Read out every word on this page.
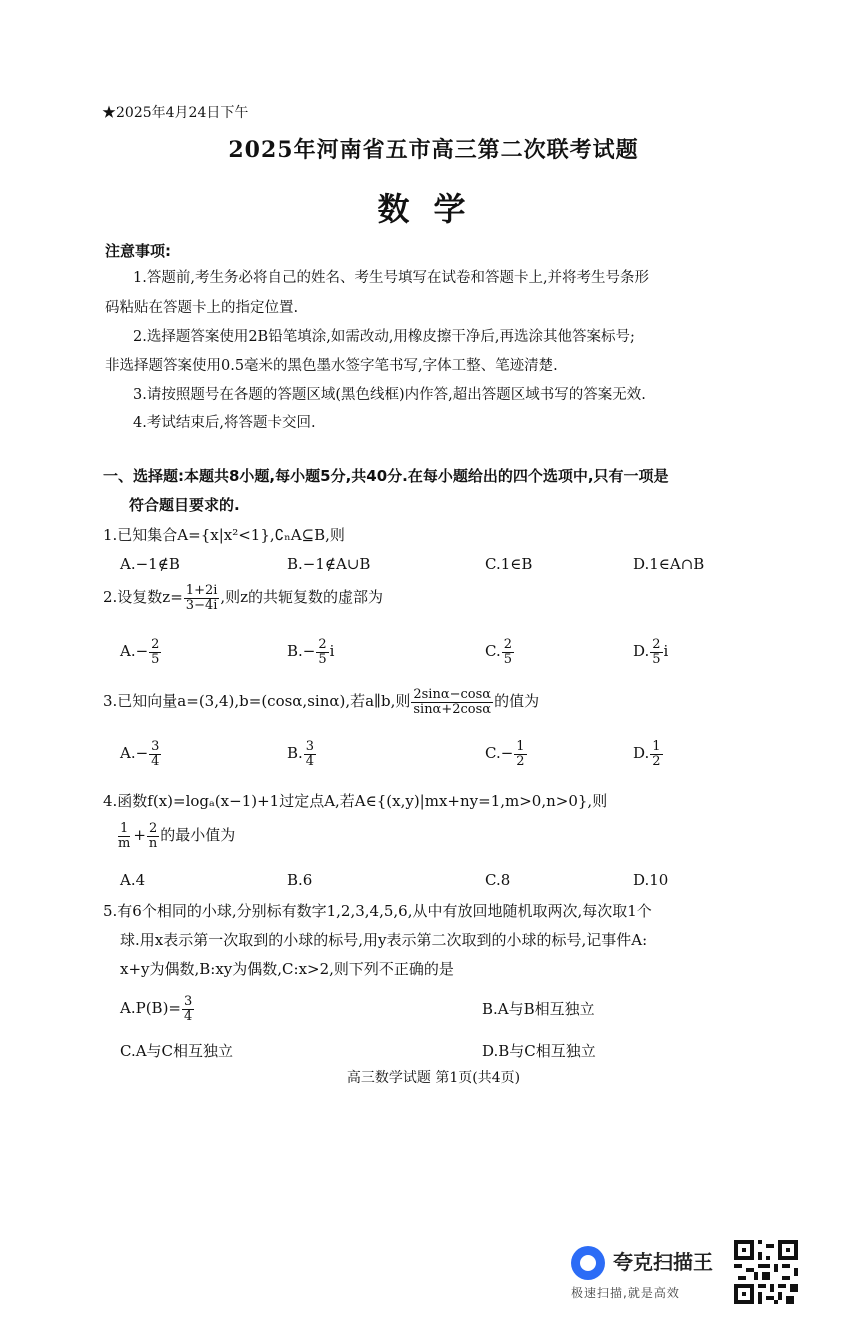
★2025年4月24日下午
2025年河南省五市高三第二次联考试题
数学
注意事项:
1.答题前,考生务必将自己的姓名、考生号填写在试卷和答题卡上,并将考生号条形
码粘贴在答题卡上的指定位置.
2.选择题答案使用2B铅笔填涂,如需改动,用橡皮擦干净后,再选涂其他答案标号;
非选择题答案使用0.5毫米的黑色墨水签字笔书写,字体工整、笔迹清楚.
3.请按照题号在各题的答题区域(黑色线框)内作答,超出答题区域书写的答案无效.
4.考试结束后,将答题卡交回.
一、选择题:本题共8小题,每小题5分,共40分.在每小题给出的四个选项中,只有一项是
符合题目要求的.
1.已知集合A={x|x²<1},∁ₙA⊆B,则
A.−1∉B	B.−1∉A∪B	C.1∈B	D.1∈A∩B
2.设复数$z= \frac{1+2i}{3-4i}$ ,则z的共轭复数的虚部为
$A.- \frac{2}{5}$	$B.- \frac{2}{5}$ i	C. $\frac{2}{5}$	D. $\frac{2}{5}$ i
3.已知向量a=(3,4),b=(cosα,sinα),若a∥b,则 $\frac{2\sin\alpha-\cos\alpha}{\sin\alpha+2\cos\alpha}$ 的值为
$A.- \frac{3}{4}$	B. $\frac{3}{4}$	$C.- \frac{1}{2}$	D. $\frac{1}{2}$
4.函数f(x)=logₐ(x−1)+1过定点A,若A∈{(x,y)|mx+ny=1,m>0,n>0},则
$\frac{1}{m} + \frac{2}{n}$ 的最小值为
A.4	B.6	C.8	D.10
5.有6个相同的小球,分别标有数字1,2,3,4,5,6,从中有放回地随机取两次,每次取1个
球.用x表示第一次取到的小球的标号,用y表示第二次取到的小球的标号,记事件A:
x+y为偶数,B:xy为偶数,C:x>2,则下列不正确的是
$A.P(B)= \frac{3}{4}$	B.A与B相互独立
C.A与C相互独立	D.B与C相互独立
高三数学试题 第1页(共4页)
夸克扫描王
极速扫描,就是高效
